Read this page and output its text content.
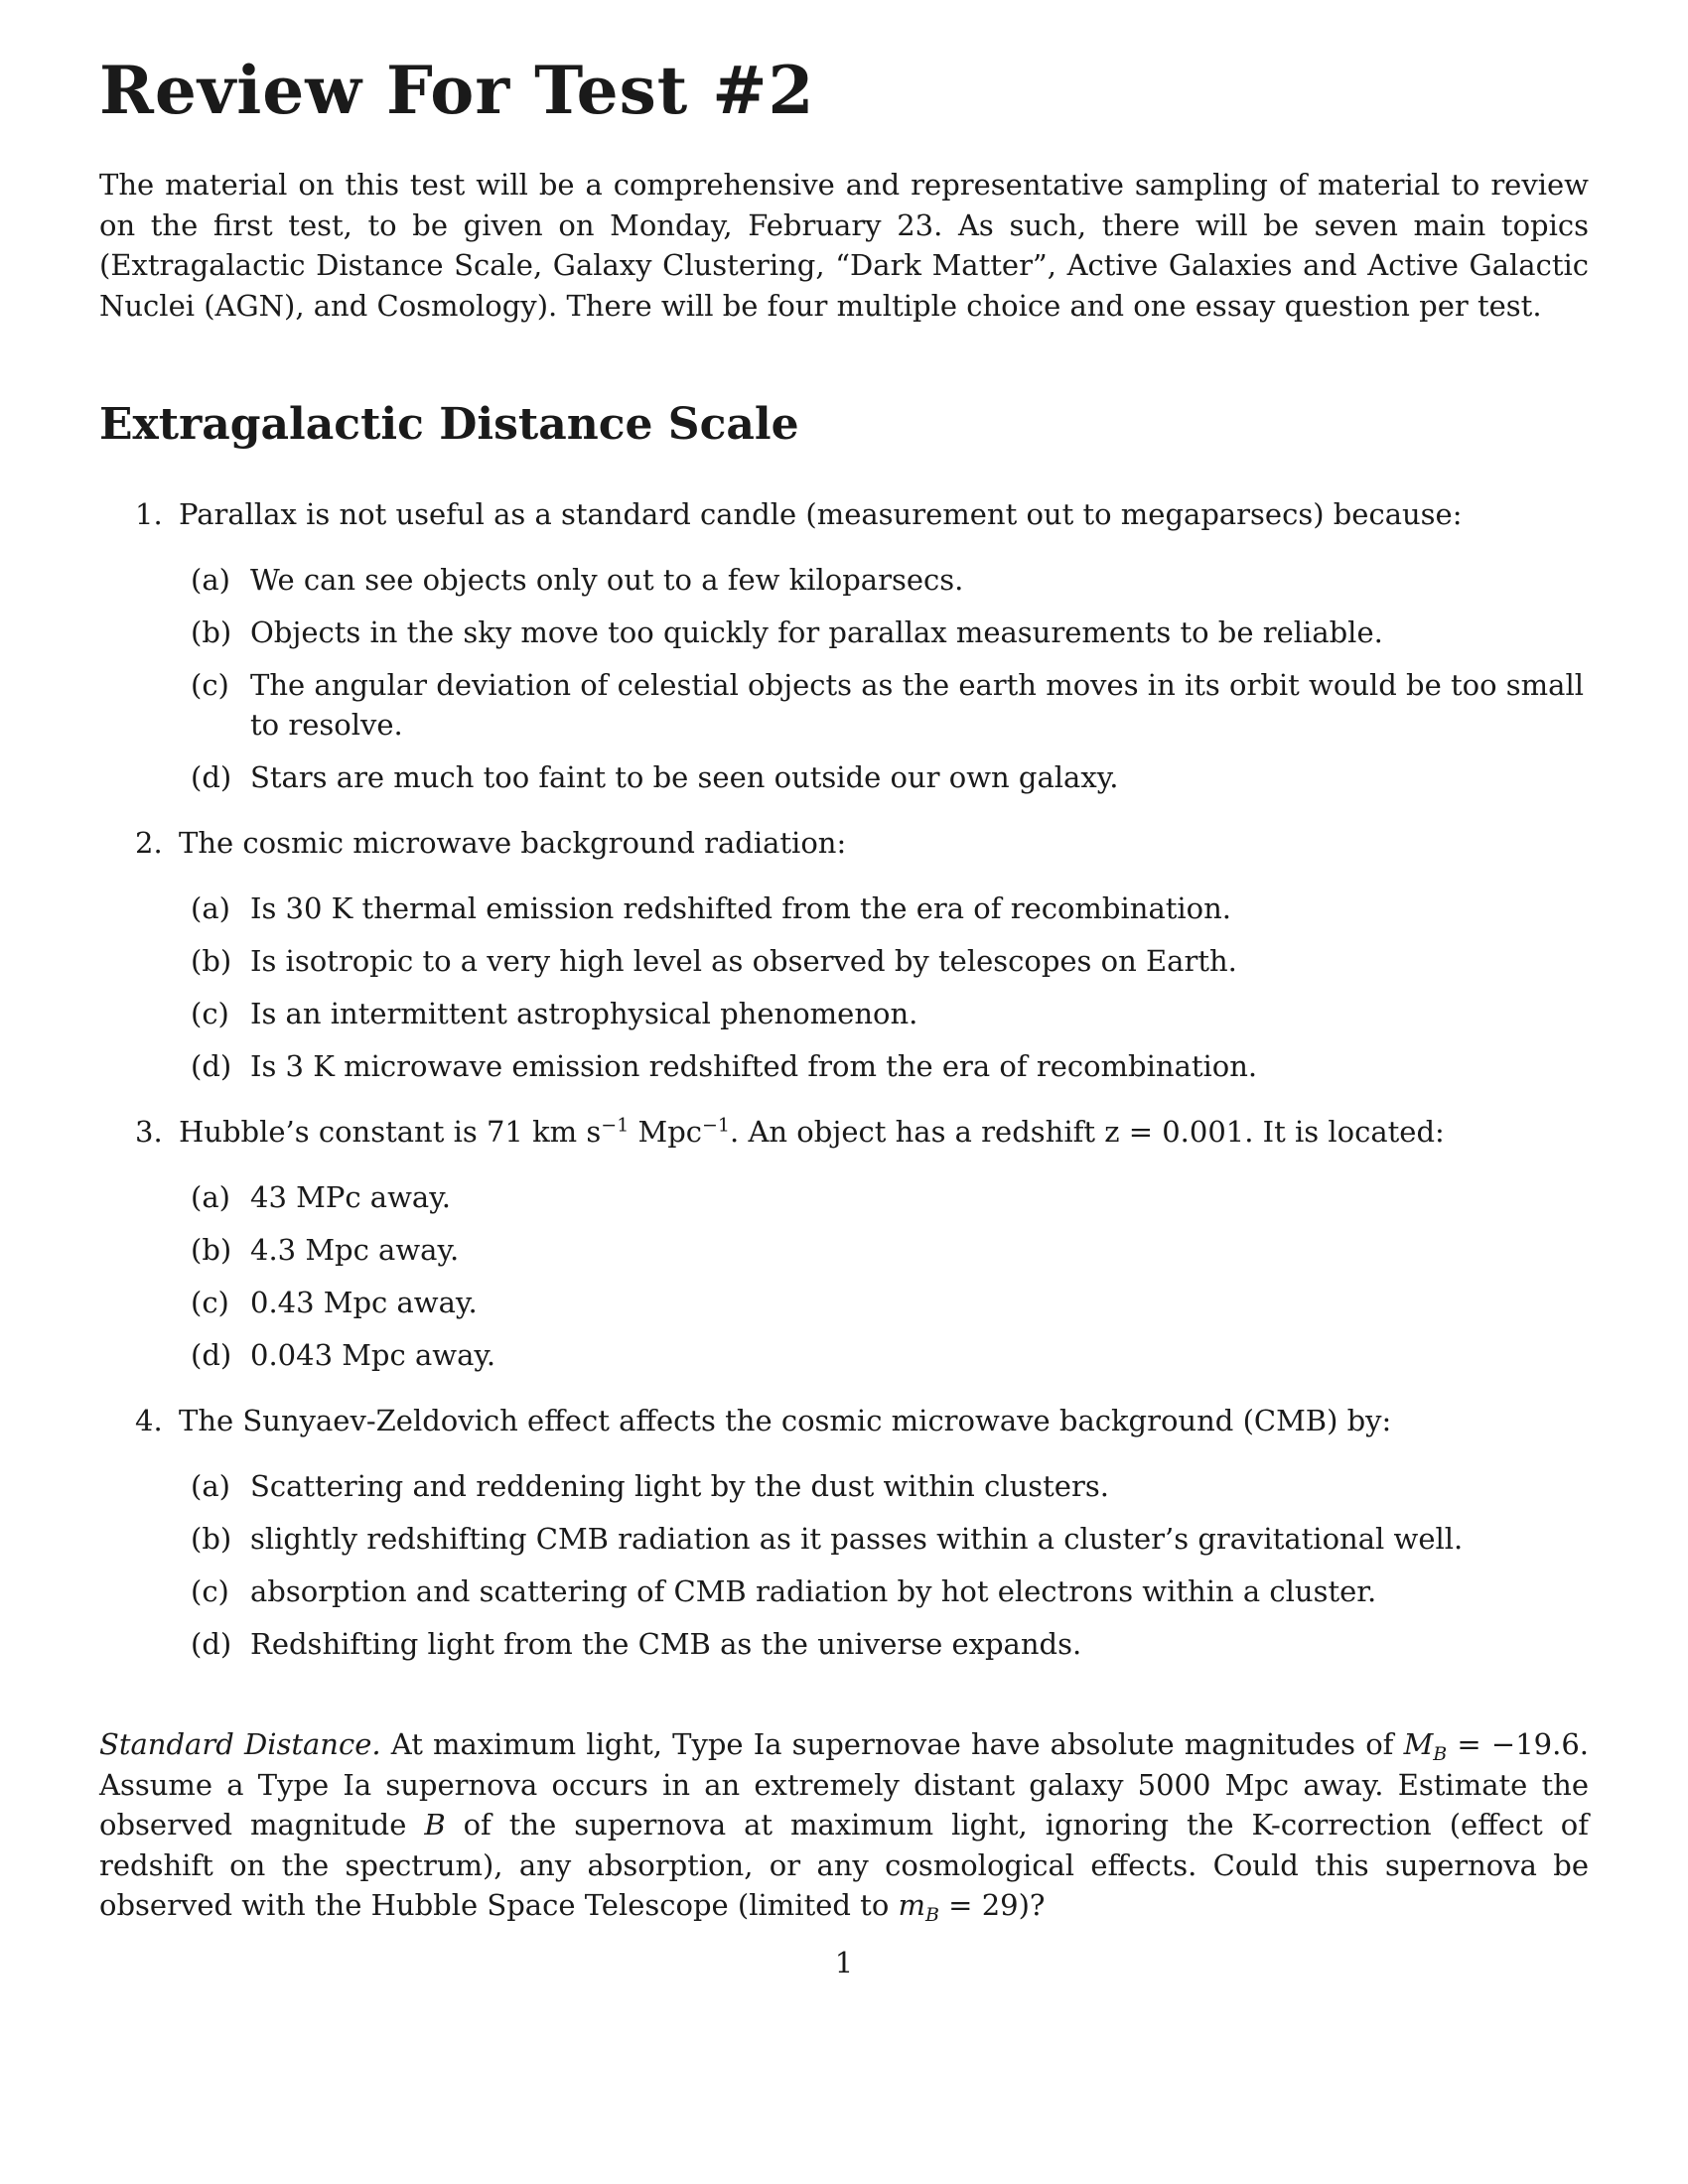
Review For Test #2

The material on this test will be a comprehensive and representative sampling of material to review on the first test, to be given on Monday, February 23. As such, there will be seven main topics (Extragalactic Distance Scale, Galaxy Clustering, “Dark Matter”, Active Galaxies and Active Galactic Nuclei (AGN), and Cosmology). There will be four multiple choice and one essay question per test.

Extragalactic Distance Scale
1. Parallax is not useful as a standard candle (measurement out to megaparsecs) because:
(a) We can see objects only out to a few kiloparsecs.
(b) Objects in the sky move too quickly for parallax measurements to be reliable.
(c) The angular deviation of celestial objects as the earth moves in its orbit would be too small to resolve.
(d) Stars are much too faint to be seen outside our own galaxy.
2. The cosmic microwave background radiation:
(a) Is 30 K thermal emission redshifted from the era of recombination.
(b) Is isotropic to a very high level as observed by telescopes on Earth.
(c) Is an intermittent astrophysical phenomenon.
(d) Is 3 K microwave emission redshifted from the era of recombination.
3. Hubble’s constant is 71 km $s^{-1}$ Mpc$^{-1}$. An object has a redshift z = 0.001. It is located:
(a) 43 MPc away.
(b) 4.3 Mpc away.
(c) 0.43 Mpc away.
(d) 0.043 Mpc away.
4. The Sunyaev-Zeldovich effect affects the cosmic microwave background (CMB) by:
(a) Scattering and reddening light by the dust within clusters.
(b) slightly redshifting CMB radiation as it passes within a cluster’s gravitational well.
(c) absorption and scattering of CMB radiation by hot electrons within a cluster.
(d) Redshifting light from the CMB as the universe expands.

Standard Distance. At maximum light, Type Ia supernovae have absolute magnitudes of $M_B = -19.6$. Assume a Type Ia supernova occurs in an extremely distant galaxy 5000 Mpc away. Estimate the observed magnitude B of the supernova at maximum light, ignoring the K-correction (effect of redshift on the spectrum), any absorption, or any cosmological effects. Could this supernova be observed with the Hubble Space Telescope (limited to $m_B = 29$)?

1
